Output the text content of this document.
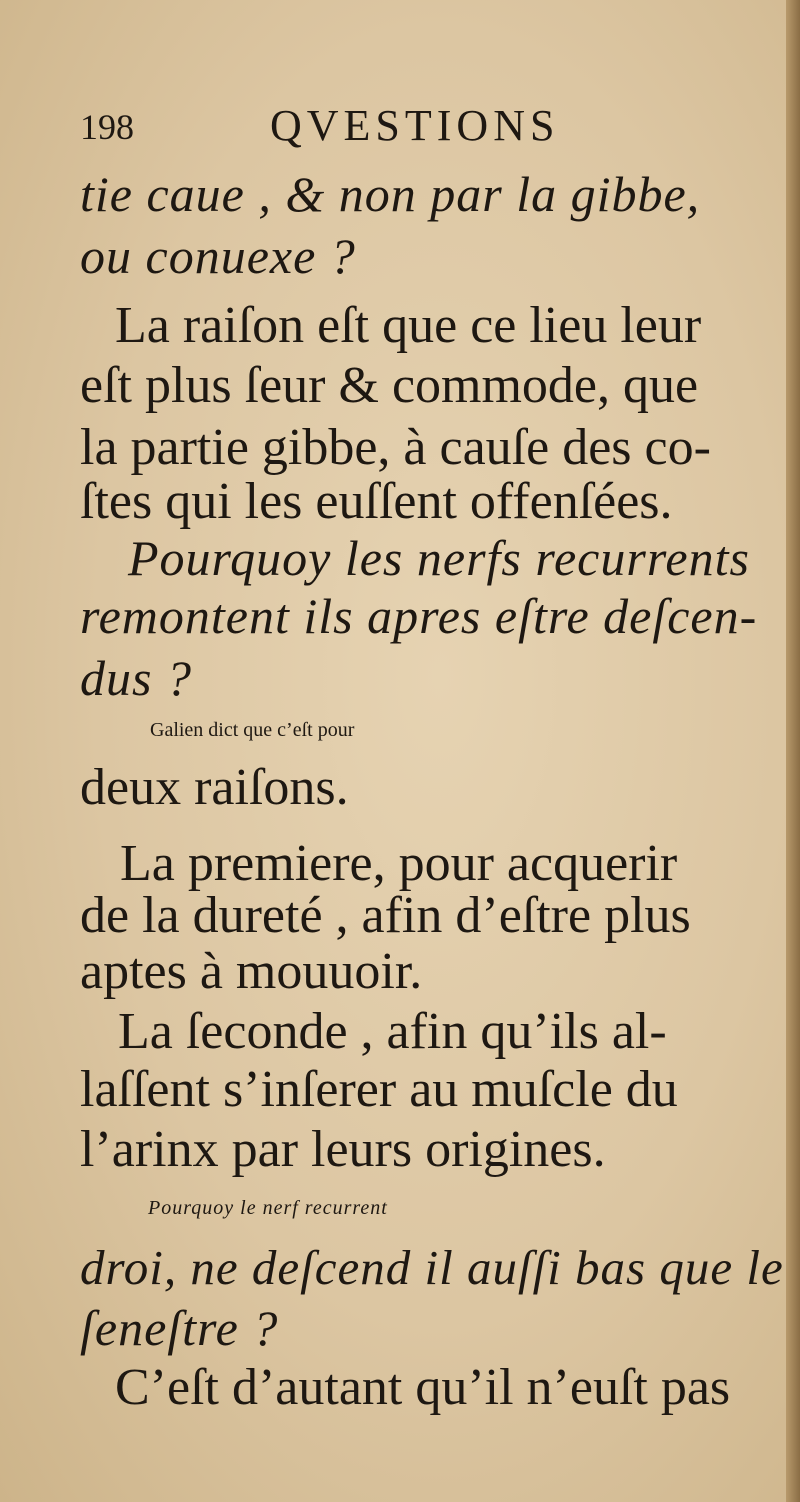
198	QVESTIONS
tie caue , & non par la gibbe,
ou conuexe ?
La raiſon eſt que ce lieu leur
eſt plus ſeur & commode, que
la partie gibbe, à cauſe des co-
ſtes qui les euſſent offenſées.
Pourquoy les nerfs recurrents
remontent ils apres eſtre deſcen-
dus ?
Galien dict que c’eſt pour
deux raiſons.
La premiere, pour acquerir
de la dureté , afin d’eſtre plus
aptes à mouuoir.
La ſeconde , afin qu’ils al-
laſſent s’inſerer au muſcle du
l’arinx par leurs origines.
Pourquoy le nerf recurrent
droi, ne deſcend il auſſi bas que le
ſeneſtre ?
C’eſt d’autant qu’il n’euſt pas
